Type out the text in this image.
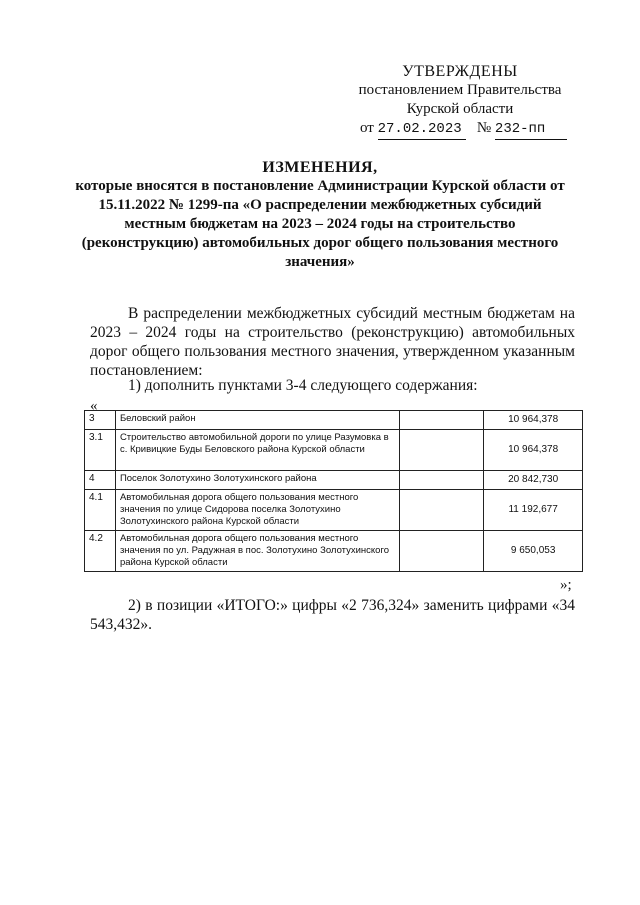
УТВЕРЖДЕНЫ
постановлением Правительства
Курской области
от 27.02.2023 № 232-пп
ИЗМЕНЕНИЯ,
которые вносятся в постановление Администрации Курской области от 15.11.2022 № 1299-па «О распределении межбюджетных субсидий местным бюджетам на 2023 – 2024 годы на строительство (реконструкцию) автомобильных дорог общего пользования местного значения»
В распределении межбюджетных субсидий местным бюджетам на 2023 – 2024 годы на строительство (реконструкцию) автомобильных дорог общего пользования местного значения, утвержденном указанным постановлением:
1) дополнить пунктами 3-4 следующего содержания:
«
3	Беловский район		10 964,378
3.1	Строительство автомобильной дороги по улице Разумовка в с. Кривицкие Буды Беловского района Курской области		10 964,378
4	Поселок Золотухино Золотухинского района		20 842,730
4.1	Автомобильная дорога общего пользования местного значения по улице Сидорова поселка Золотухино Золотухинского района Курской области		11 192,677
4.2	Автомобильная дорога общего пользования местного значения по ул. Радужная в пос. Золотухино Золотухинского района Курской области		9 650,053
»;
2) в позиции «ИТОГО:» цифры «2 736,324» заменить цифрами «34 543,432».
